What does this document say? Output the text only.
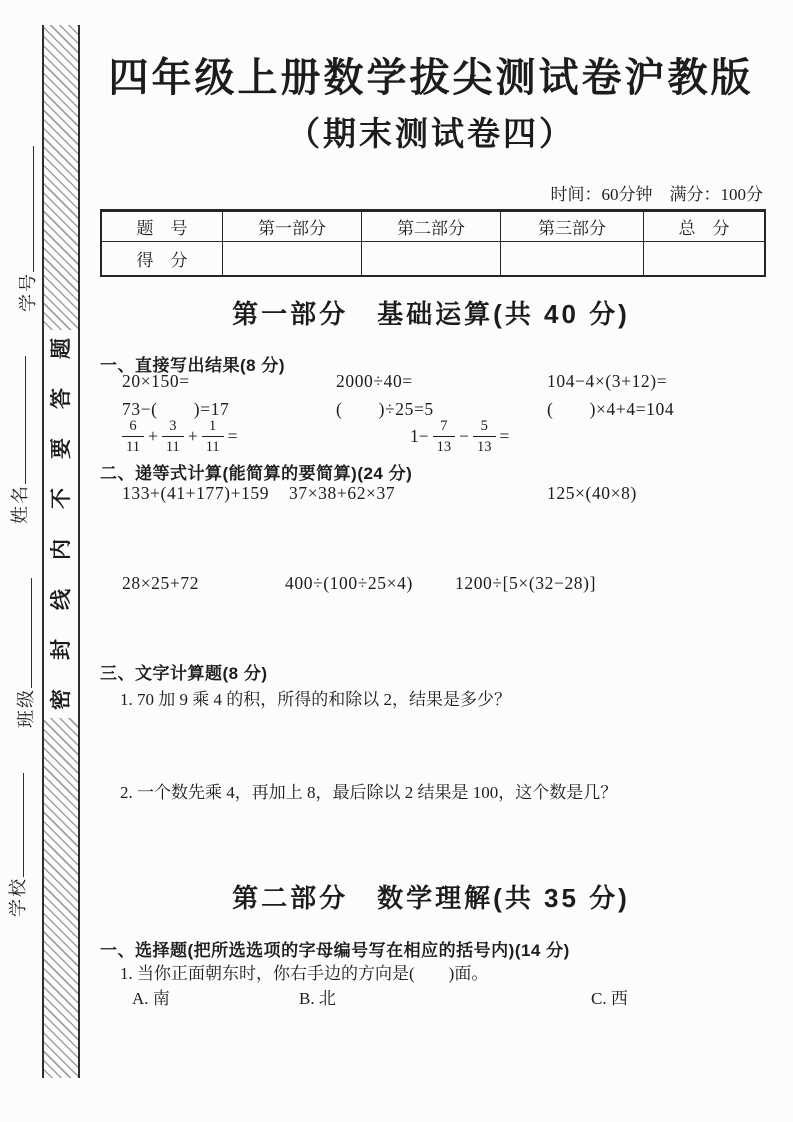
题
答
要
不
内
线
封
密
学号
姓名
班级
学校
四年级上册数学拔尖测试卷沪教版
（期末测试卷四）
时间：60分钟　满分：100分
题　号	第一部分	第二部分	第三部分	总　分
得　分
第一部分　基础运算(共 40 分)
一、直接写出结果(8 分)
20×150=	2000÷40=	104−4×(3+12)=
73−(　　)=17	(　　)÷25=5	(　　)×4+4=104
$\frac{6}{11} + \frac{3}{11} + \frac{1}{11}$ =	$1- \frac{7}{13} - \frac{5}{13}$ =
二、递等式计算(能简算的要简算)(24 分)
133+(41+177)+159 37×38+62×37	125×(40×8)
28×25+72	400÷(100÷25×4) 1200÷[5×(32−28)]
三、文字计算题(8 分)
1. 70 加 9 乘 4 的积，所得的和除以 2，结果是多少？
2. 一个数先乘 4，再加上 8，最后除以 2 结果是 100，这个数是几？
第二部分　数学理解(共 35 分)
一、选择题(把所选选项的字母编号写在相应的括号内)(14 分)
1. 当你正面朝东时，你右手边的方向是(　　)面。
A. 南	B. 北	C. 西
